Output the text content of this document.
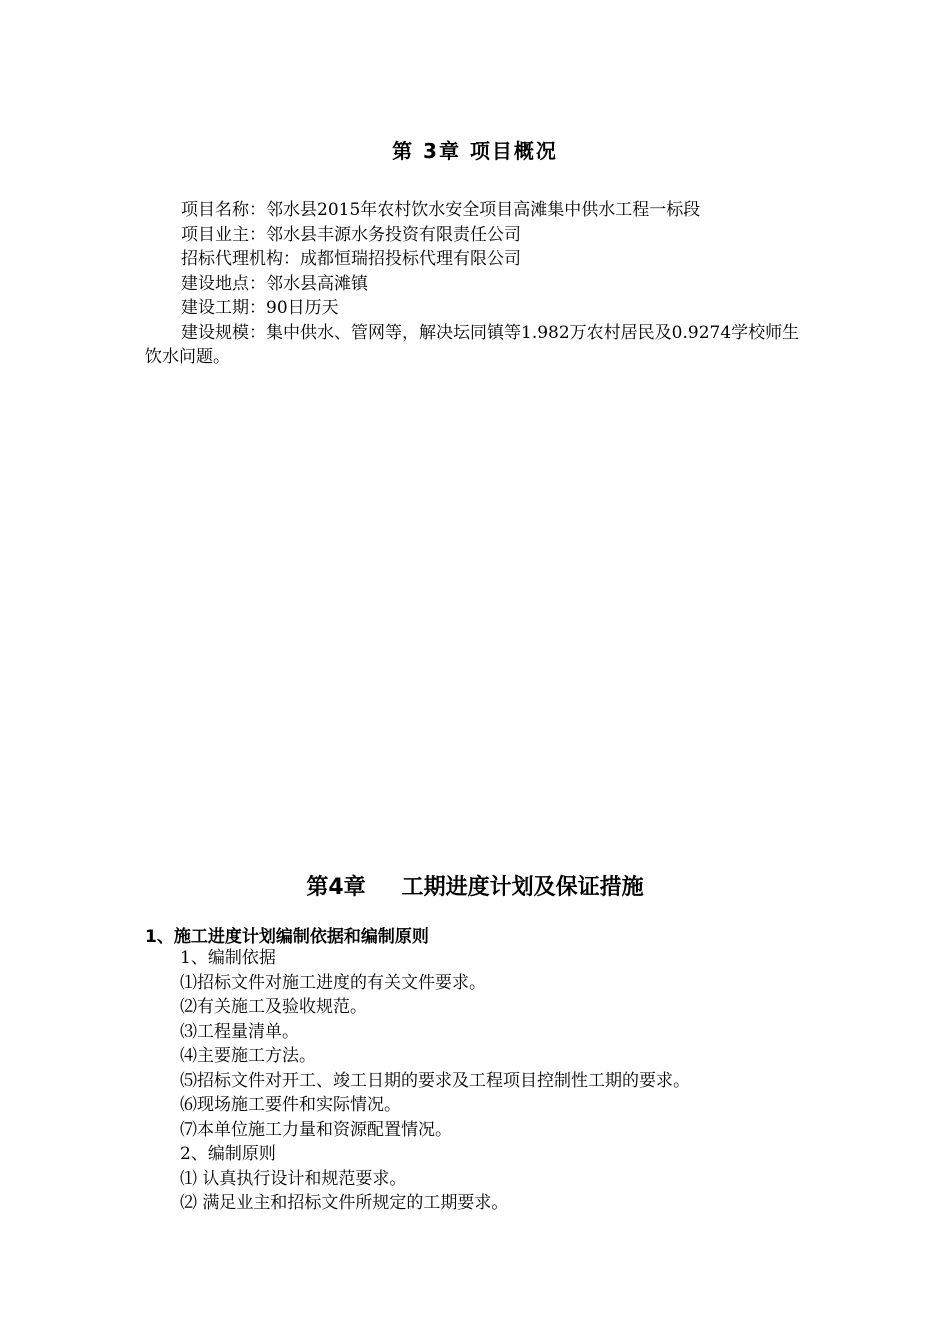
第 3章 项目概况
项目名称：邻水县2015年农村饮水安全项目高滩集中供水工程一标段
项目业主：邻水县丰源水务投资有限责任公司
招标代理机构：成都恒瑞招投标代理有限公司
建设地点：邻水县高滩镇
建设工期：90日历天
建设规模：集中供水、管网等，解决坛同镇等1.982万农村居民及0.9274学校师生饮水问题。
第4章 工期进度计划及保证措施
1、施工进度计划编制依据和编制原则
1、编制依据
⑴招标文件对施工进度的有关文件要求。
⑵有关施工及验收规范。
⑶工程量清单。
⑷主要施工方法。
⑸招标文件对开工、竣工日期的要求及工程项目控制性工期的要求。
⑹现场施工要件和实际情况。
⑺本单位施工力量和资源配置情况。
2、编制原则
⑴ 认真执行设计和规范要求。
⑵ 满足业主和招标文件所规定的工期要求。
